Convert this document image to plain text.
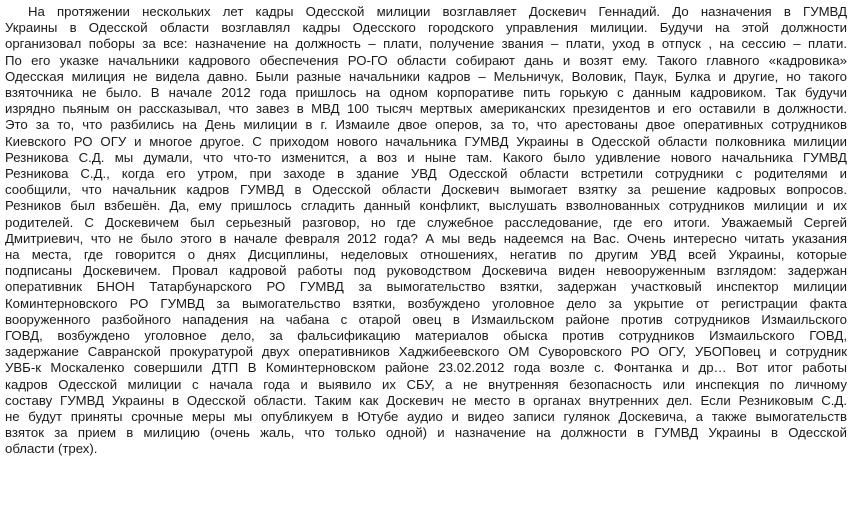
На протяжении нескольких лет кадры Одесской милиции возглавляет Доскевич Геннадий. До назначения в ГУМВД
Украины в Одесской области возглавлял кадры Одесского городского управления милиции. Будучи на этой должности
организовал поборы за все: назначение на должность – плати, получение звания – плати, уход в отпуск , на сессию – плати.
По его указке начальники кадрового обеспечения РО-ГО области собирают дань и возят ему. Такого главного «кадровика»
Одесская милиция не видела давно. Были разные начальники кадров – Мельничук, Воловик, Паук, Булка и другие, но такого
взяточника не было. В начале 2012 года пришлось на одном корпоративе пить горькую с данным кадровиком. Так будучи
изрядно пьяным он рассказывал, что завез в МВД 100 тысяч мертвых американских президентов и его оставили в должности.
Это за то, что разбились на День милиции в г. Измаиле двое оперов, за то, что арестованы двое оперативных сотрудников
Киевского РО ОГУ и многое другое. С приходом нового начальника ГУМВД Украины в Одесской области полковника милиции
Резникова С.Д. мы думали, что что-то изменится, а воз и ныне там. Какого было удивление нового начальника ГУМВД
Резникова С.Д., когда его утром, при заходе в здание УВД Одесской области встретили сотрудники с родителями и
сообщили, что начальник кадров ГУМВД в Одесской области Доскевич вымогает взятку за решение кадровых вопросов.
Резников был взбешён. Да, ему пришлось сгладить данный конфликт, выслушать взволнованных сотрудников милиции и их
родителей. С Доскевичем был серьезный разговор, но где служебное расследование, где его итоги. Уважаемый Сергей
Дмитриевич, что не было этого в начале февраля 2012 года? А мы ведь надеемся на Вас. Очень интересно читать указания
на места, где говорится о днях Дисциплины, неделовых отношениях, негатив по другим УВД всей Украины, которые
подписаны Доскевичем. Провал кадровой работы под руководством Доскевича виден невооруженным взглядом: задержан
оперативник БНОН Татарбунарского РО ГУМВД за вымогательство взятки, задержан участковый инспектор милиции
Коминтерновского РО ГУМВД за вымогательство взятки, возбуждено уголовное дело за укрытие от регистрации факта
вооруженного разбойного нападения на чабана с отарой овец в Измаильском районе против сотрудников Измаильского
ГОВД, возбуждено уголовное дело, за фальсификацию материалов обыска против сотрудников Измаильского ГОВД,
задержание Савранской прокуратурой двух оперативников Хаджибеевского ОМ Суворовского РО ОГУ, УБОПовец и сотрудник
УВБ-к Москаленко совершили ДТП В Коминтерновском районе 23.02.2012 года возле с. Фонтанка и др… Вот итог работы
кадров Одесской милиции с начала года и выявило их СБУ, а не внутренняя безопасность или инспекция по личному
составу ГУМВД Украины в Одесской области. Таким как Доскевич не место в органах внутренних дел. Если Резниковым С.Д.
не будут приняты срочные меры мы опубликуем в Ютубе аудио и видео записи гулянок Доскевича, а также вымогательств
взяток за прием в милицию (очень жаль, что только одной) и назначение на должности в ГУМВД Украины в Одесской
области (трех).
